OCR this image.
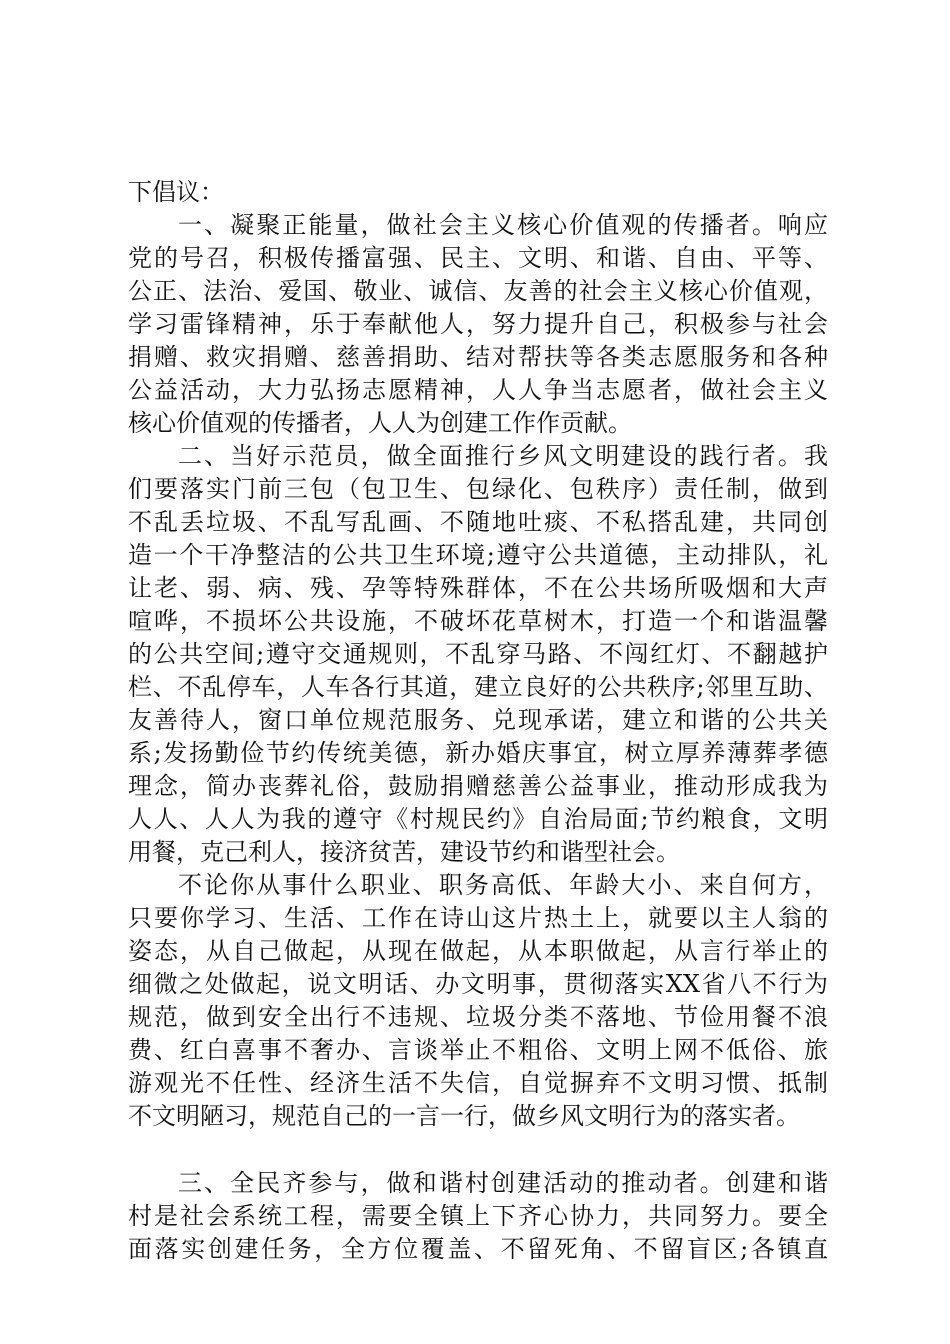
下倡议：
一、凝聚正能量，做社会主义核心价值观的传播者。响应
党的号召，积极传播富强、民主、文明、和谐、自由、平等、
公正、法治、爱国、敬业、诚信、友善的社会主义核心价值观，
学习雷锋精神，乐于奉献他人，努力提升自己，积极参与社会
捐赠、救灾捐赠、慈善捐助、结对帮扶等各类志愿服务和各种
公益活动，大力弘扬志愿精神，人人争当志愿者，做社会主义
核心价值观的传播者，人人为创建工作作贡献。
二、当好示范员，做全面推行乡风文明建设的践行者。我
们要落实门前三包（包卫生、包绿化、包秩序）责任制，做到
不乱丢垃圾、不乱写乱画、不随地吐痰、不私搭乱建，共同创
造一个干净整洁的公共卫生环境;遵守公共道德，主动排队，礼
让老、弱、病、残、孕等特殊群体，不在公共场所吸烟和大声
喧哗，不损坏公共设施，不破坏花草树木，打造一个和谐温馨
的公共空间;遵守交通规则，不乱穿马路、不闯红灯、不翻越护
栏、不乱停车，人车各行其道，建立良好的公共秩序;邻里互助、
友善待人，窗口单位规范服务、兑现承诺，建立和谐的公共关
系;发扬勤俭节约传统美德，新办婚庆事宜，树立厚养薄葬孝德
理念，简办丧葬礼俗，鼓励捐赠慈善公益事业，推动形成我为
人人、人人为我的遵守《村规民约》自治局面;节约粮食，文明
用餐，克己利人，接济贫苦，建设节约和谐型社会。
不论你从事什么职业、职务高低、年龄大小、来自何方，
只要你学习、生活、工作在诗山这片热土上，就要以主人翁的
姿态，从自己做起，从现在做起，从本职做起，从言行举止的
细微之处做起，说文明话、办文明事，贯彻落实XX省八不行为
规范，做到安全出行不违规、垃圾分类不落地、节俭用餐不浪
费、红白喜事不奢办、言谈举止不粗俗、文明上网不低俗、旅
游观光不任性、经济生活不失信，自觉摒弃不文明习惯、抵制
不文明陋习，规范自己的一言一行，做乡风文明行为的落实者。
三、全民齐参与，做和谐村创建活动的推动者。创建和谐
村是社会系统工程，需要全镇上下齐心协力，共同努力。要全
面落实创建任务，全方位覆盖、不留死角、不留盲区;各镇直
